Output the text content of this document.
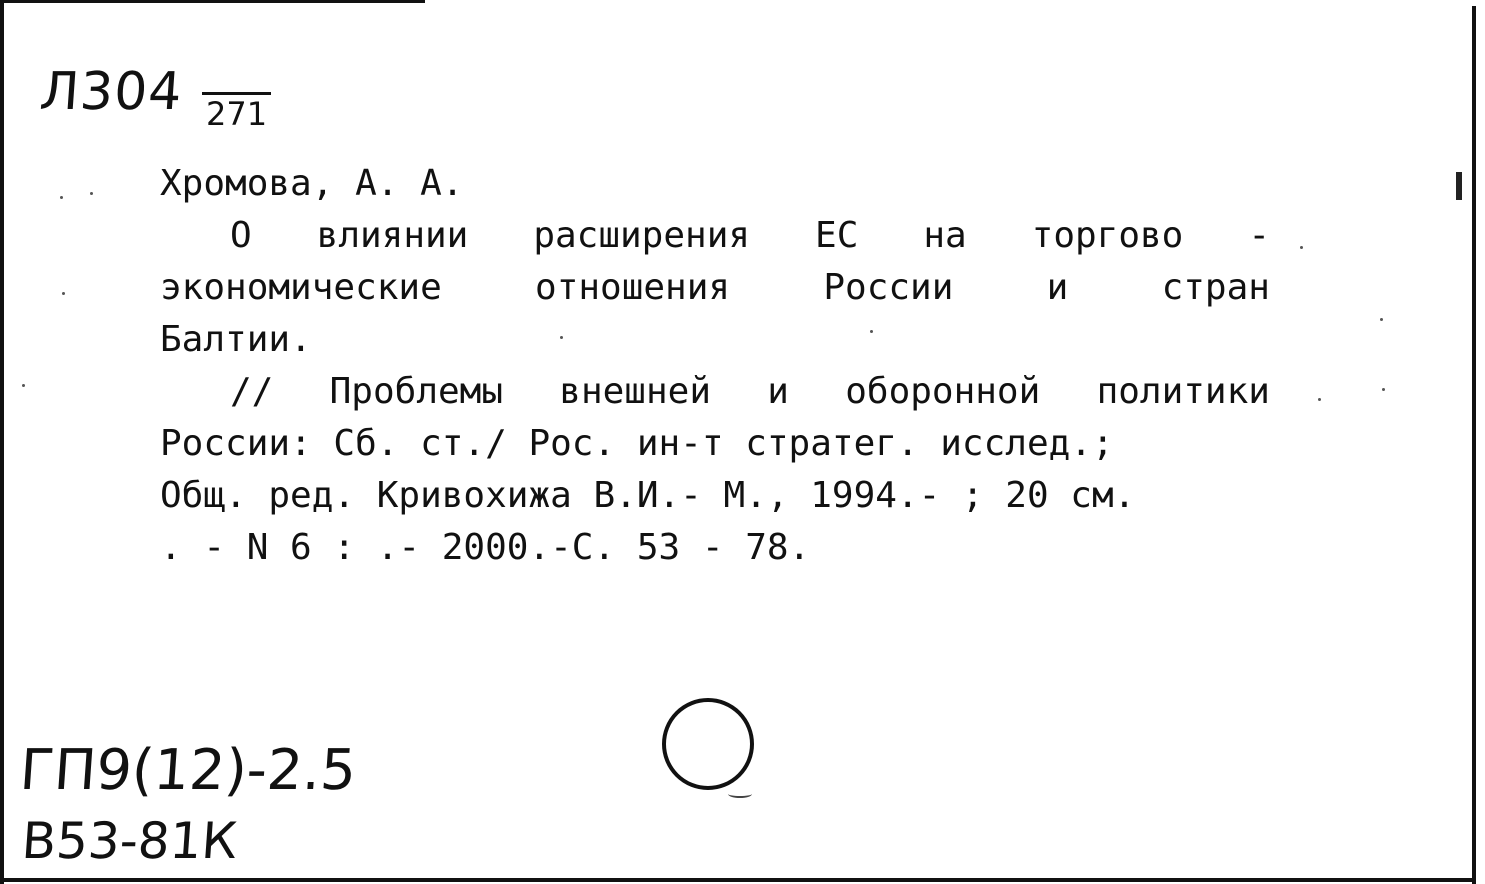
Л304 271
Хромова, А. А.
О влиянии расширения ЕС на торгово -
экономические	отношения	России	и	стран
Балтии.
// Проблемы внешней и оборонной политики
России: Сб. ст./ Рос. ин-т стратег. исслед.;
Общ. ред. Кривохижа В.И.- М., 1994.- ; 20 см.
. - N 6 : .- 2000.-С. 53 - 78.
ГП9(12)-2.5
В53-81К
